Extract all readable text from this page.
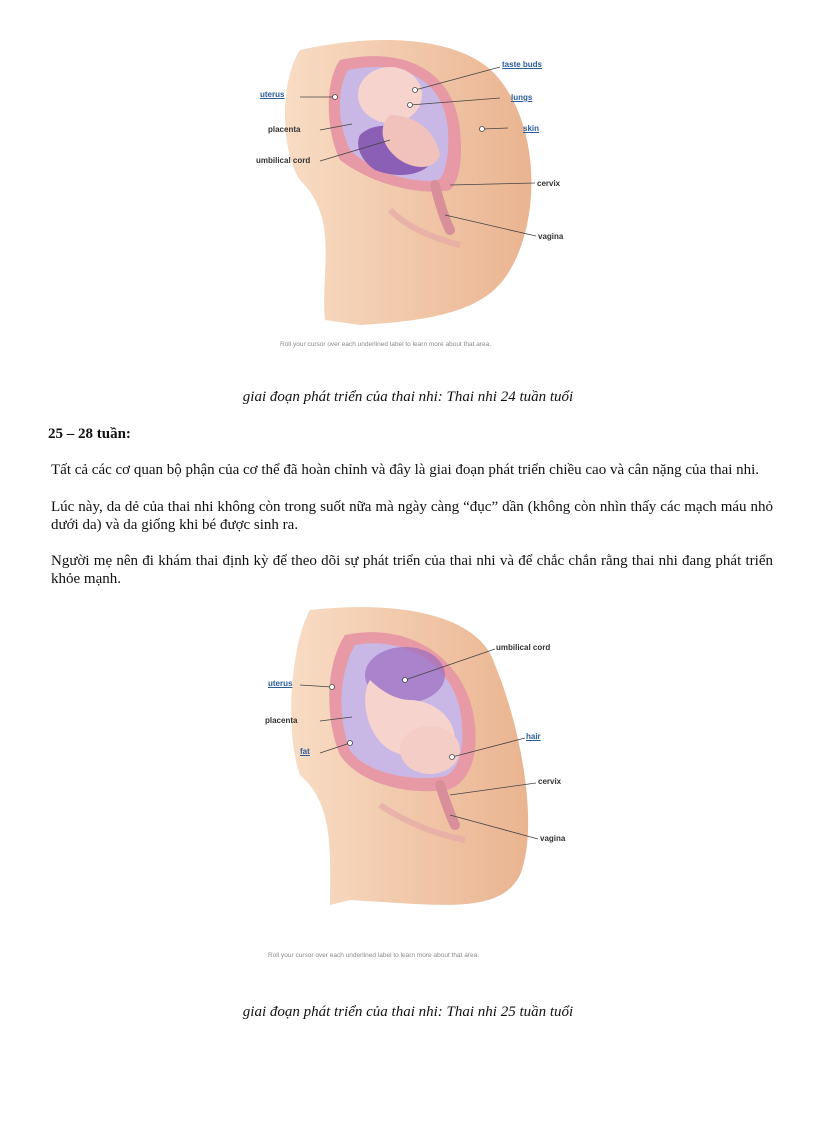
uterus
taste buds
lungs
placenta	skin
umbilical cord
cervix
vagina
Roll your cursor over each underlined label to learn more about that area.
giai đoạn phát triển của thai nhi: Thai nhi 24 tuần tuổi
25 – 28 tuần:

Tất cả các cơ quan bộ phận của cơ thể đã hoàn chỉnh và đây là giai đoạn phát triển chiều cao và cân nặng của thai nhi.

Lúc này, da dẻ của thai nhi không còn trong suốt nữa mà ngày càng “đục” dần (không còn nhìn thấy các mạch máu nhỏ dưới da) và da giống khi bé được sinh ra.

Người mẹ nên đi khám thai định kỳ để theo dõi sự phát triển của thai nhi và để chắc chắn rằng thai nhi đang phát triển khỏe mạnh.

umbilical cord
uterus
placenta
hair
fat
cervix
vagina
Roll your cursor over each underlined label to learn more about that area.
giai đoạn phát triển của thai nhi: Thai nhi 25 tuần tuổi
